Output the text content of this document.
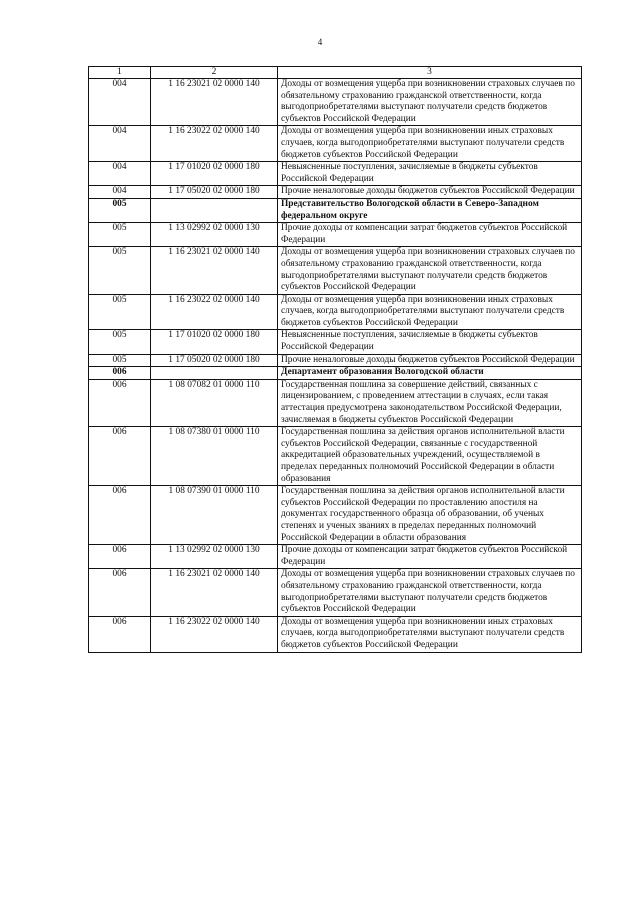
4
1	2	3
004	1 16 23021 02 0000 140	Доходы от возмещения ущерба при возникновении страховых случаев по обязательному страхованию гражданской ответственности, когда выгодоприобретателями выступают получатели средств бюджетов субъектов Российской Федерации
004	1 16 23022 02 0000 140	Доходы от возмещения ущерба при возникновении иных страховых случаев, когда выгодоприобретателями выступают получатели средств бюджетов субъектов Российской Федерации
004	1 17 01020 02 0000 180	Невыясненные поступления, зачисляемые в бюджеты субъектов Российской Федерации
004	1 17 05020 02 0000 180	Прочие неналоговые доходы бюджетов субъектов Российской Федерации
005		Представительство Вологодской области в Северо-Западном федеральном округе
005	1 13 02992 02 0000 130	Прочие доходы от компенсации затрат бюджетов субъектов Российской Федерации
005	1 16 23021 02 0000 140	Доходы от возмещения ущерба при возникновении страховых случаев по обязательному страхованию гражданской ответственности, когда выгодоприобретателями выступают получатели средств бюджетов субъектов Российской Федерации
005	1 16 23022 02 0000 140	Доходы от возмещения ущерба при возникновении иных страховых случаев, когда выгодоприобретателями выступают получатели средств бюджетов субъектов Российской Федерации
005	1 17 01020 02 0000 180	Невыясненные поступления, зачисляемые в бюджеты субъектов Российской Федерации
005	1 17 05020 02 0000 180	Прочие неналоговые доходы бюджетов субъектов Российской Федерации
006		Департамент образования Вологодской области
006	1 08 07082 01 0000 110	Государственная пошлина за совершение действий, связанных с лицензированием, с проведением аттестации в случаях, если такая аттестация предусмотрена законодательством Российской Федерации, зачисляемая в бюджеты субъектов Российской Федерации
006	1 08 07380 01 0000 110	Государственная пошлина за действия органов исполнительной власти субъектов Российской Федерации, связанные с государственной аккредитацией образовательных учреждений, осуществляемой в пределах переданных полномочий Российской Федерации в области образования
006	1 08 07390 01 0000 110	Государственная пошлина за действия органов исполнительной власти субъектов Российской Федерации по проставлению апостиля на документах государственного образца об образовании, об ученых степенях и ученых званиях в пределах переданных полномочий Российской Федерации в области образования
006	1 13 02992 02 0000 130	Прочие доходы от компенсации затрат бюджетов субъектов Российской Федерации
006	1 16 23021 02 0000 140	Доходы от возмещения ущерба при возникновении страховых случаев по обязательному страхованию гражданской ответственности, когда выгодоприобретателями выступают получатели средств бюджетов субъектов Российской Федерации
006	1 16 23022 02 0000 140	Доходы от возмещения ущерба при возникновении иных страховых случаев, когда выгодоприобретателями выступают получатели средств бюджетов субъектов Российской Федерации
